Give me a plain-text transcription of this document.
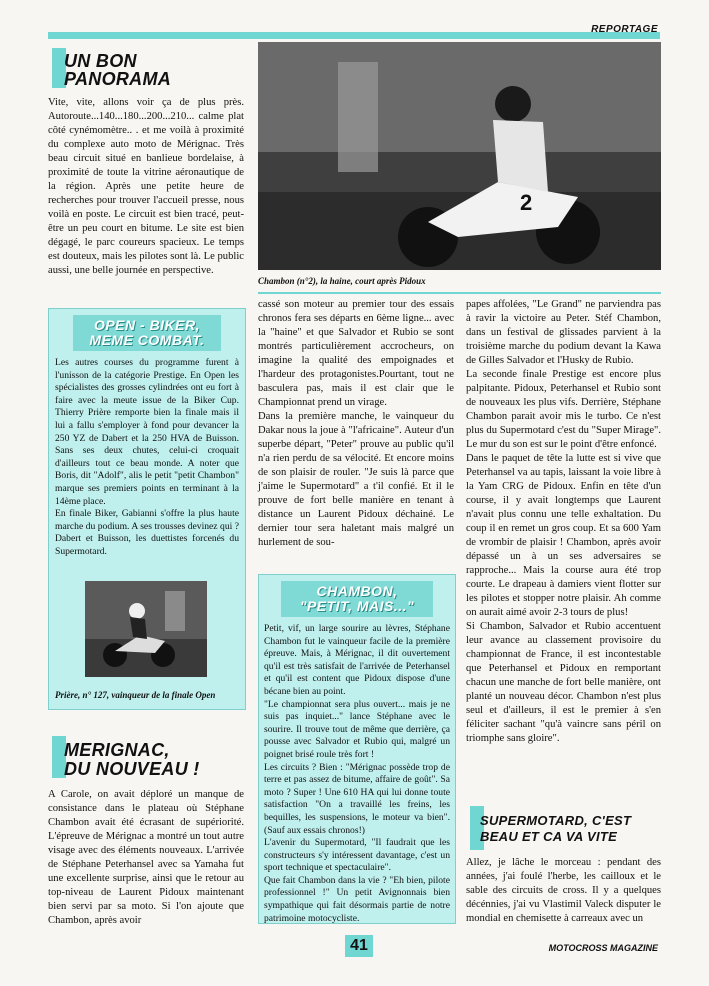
REPORTAGE
UN BON
PANORAMA
Vite, vite, allons voir ça de plus près. Autoroute...140...180...200...210... calme plat côté cynémomètre.. . et me voilà à proximité du complexe auto moto de Mérignac. Très beau circuit situé en banlieue bordelaise, à proximité de toute la vitrine aéronautique de la région. Après une petite heure de recherches pour trouver l'accueil presse, nous voilà en poste. Le circuit est bien tracé, peut-être un peu court en bitume. Le site est bien dégagé, le parc coureurs spacieux. Le temps est douteux, mais les pilotes sont là. Le public aussi, une belle journée en perspective.
OPEN - BIKER,
MEME COMBAT.

Les autres courses du programme furent à l'unisson de la catégorie Prestige. En Open les spécialistes des grosses cylindrées ont eu fort à faire avec la meute issue de la Biker Cup. Thierry Prière remporte bien la finale mais il lui a fallu s'employer à fond pour devancer la 250 YZ de Dabert et la 250 HVA de Buisson. Sans ses deux chutes, celui-ci croquait d'ailleurs tout ce beau monde. A noter que Boris, dit "Adolf", alis le petit "petit Chambon" marque ses premiers points en terminant à la 14ème place.

En finale Biker, Gabianni s'offre la plus haute marche du podium. A ses trousses devinez qui ? Dabert et Buisson, les duettistes forcenés du Supermotard.

Prière, n° 127, vainqueur de la finale Open
MERIGNAC,
DU NOUVEAU !
A Carole, on avait déploré un manque de consistance dans le plateau où Stéphane Chambon avait été écrasant de supériorité. L'épreuve de Mérignac a montré un tout autre visage avec des éléments nouveaux. L'arrivée de Stéphane Peterhansel avec sa Yamaha fut une excellente surprise, ainsi que le retour au top-niveau de Laurent Pidoux maintenant bien servi par sa moto. Si l'on ajoute que Chambon, après avoir
2
Chambon (n°2), la haine, court après Pidoux

cassé son moteur au premier tour des essais chronos fera ses départs en 6ème ligne... avec la "haine" et que Salvador et Rubio se sont montrés particulièrement accrocheurs, on imagine la qualité des empoignades et l'hardeur des protagonistes.Pourtant, tout ne basculera pas, mais il est clair que le Championnat prend un virage.

Dans la première manche, le vainqueur du Dakar nous la joue à "l'africaine". Auteur d'un superbe départ, "Peter" prouve au public qu'il n'a rien perdu de sa vélocité. Et encore moins de son plaisir de rouler. "Je suis là parce que j'aime le Supermotard" a t'il confié. Et il le prouve de fort belle manière en tenant à distance un Laurent Pidoux déchainé. Le dernier tour sera haletant mais malgré un hurlement de sou-

CHAMBON,
"PETIT, MAIS..."

Petit, vif, un large sourire au lèvres, Stéphane Chambon fut le vainqueur facile de la première épreuve. Mais, à Mérignac, il dit ouvertement qu'il est très satisfait de l'arrivée de Peterhansel et qu'il est content que Pidoux dispose d'une bécane bien au point.

"Le championnat sera plus ouvert... mais je ne suis pas inquiet..." lance Stéphane avec le sourire. Il trouve tout de même que derrière, ça pousse avec Salvador et Rubio qui, malgré un poignet brisé roule très fort !

Les circuits ? Bien : "Mérignac possède trop de terre et pas assez de bitume, affaire de goût". Sa moto ? Super ! Une 610 HA qui lui donne toute satisfaction "On a travaillé les freins, les bequilles, les suspensions, le moteur va bien". (Sauf aux essais chronos!)

L'avenir du Supermotard, "Il faudrait que les constructeurs s'y intéressent davantage, c'est un sport technique et spectaculaire".

Que fait Chambon dans la vie ? "Eh bien, pilote professionnel !" Un petit Avignonnais bien sympathique qui fait désormais partie de notre patrimoine motocycliste.

papes affolées, "Le Grand" ne parviendra pas à ravir la victoire au Peter. Stéf Chambon, dans un festival de glissades parvient à la troisième marche du podium devant la Kawa de Gilles Salvador et l'Husky de Rubio.

La seconde finale Prestige est encore plus palpitante. Pidoux, Peterhansel et Rubio sont de nouveaux les plus vifs. Derrière, Stéphane Chambon parait avoir mis le turbo. Ce n'est plus du Supermotard c'est du "Super Mirage". Le mur du son est sur le point d'être enfoncé.

Dans le paquet de tête la lutte est si vive que Peterhansel va au tapis, laissant la voie libre à la Yam CRG de Pidoux. Enfin en tête d'un course, il y avait longtemps que Laurent n'avait plus connu une telle exhaltation. Du coup il en remet un gros coup. Et sa 600 Yam de vrombir de plaisir ! Chambon, après avoir dépassé un à un ses adversaires se rapproche... Mais la course aura été trop courte. Le drapeau à damiers vient flotter sur les pilotes et stopper notre plaisir. Ah comme on aurait aimé avoir 2-3 tours de plus!

Si Chambon, Salvador et Rubio accentuent leur avance au classement provisoire du championnat de France, il est incontestable que Peterhansel et Pidoux en remportant chacun une manche de fort belle manière, ont planté un nouveau décor. Chambon n'est plus seul et d'ailleurs, il est le premier à s'en féliciter sachant "qu'à vaincre sans péril on triomphe sans gloire".

SUPERMOTARD, C'EST
BEAU ET CA VA VITE
Allez, je lâche le morceau : pendant des années, j'ai foulé l'herbe, les cailloux et le sable des circuits de cross. Il y a quelques décénnies, j'ai vu Vlastimil Valeck disputer le mondial en chemisette à carreaux avec un
41	MOTOCROSS MAGAZINE
